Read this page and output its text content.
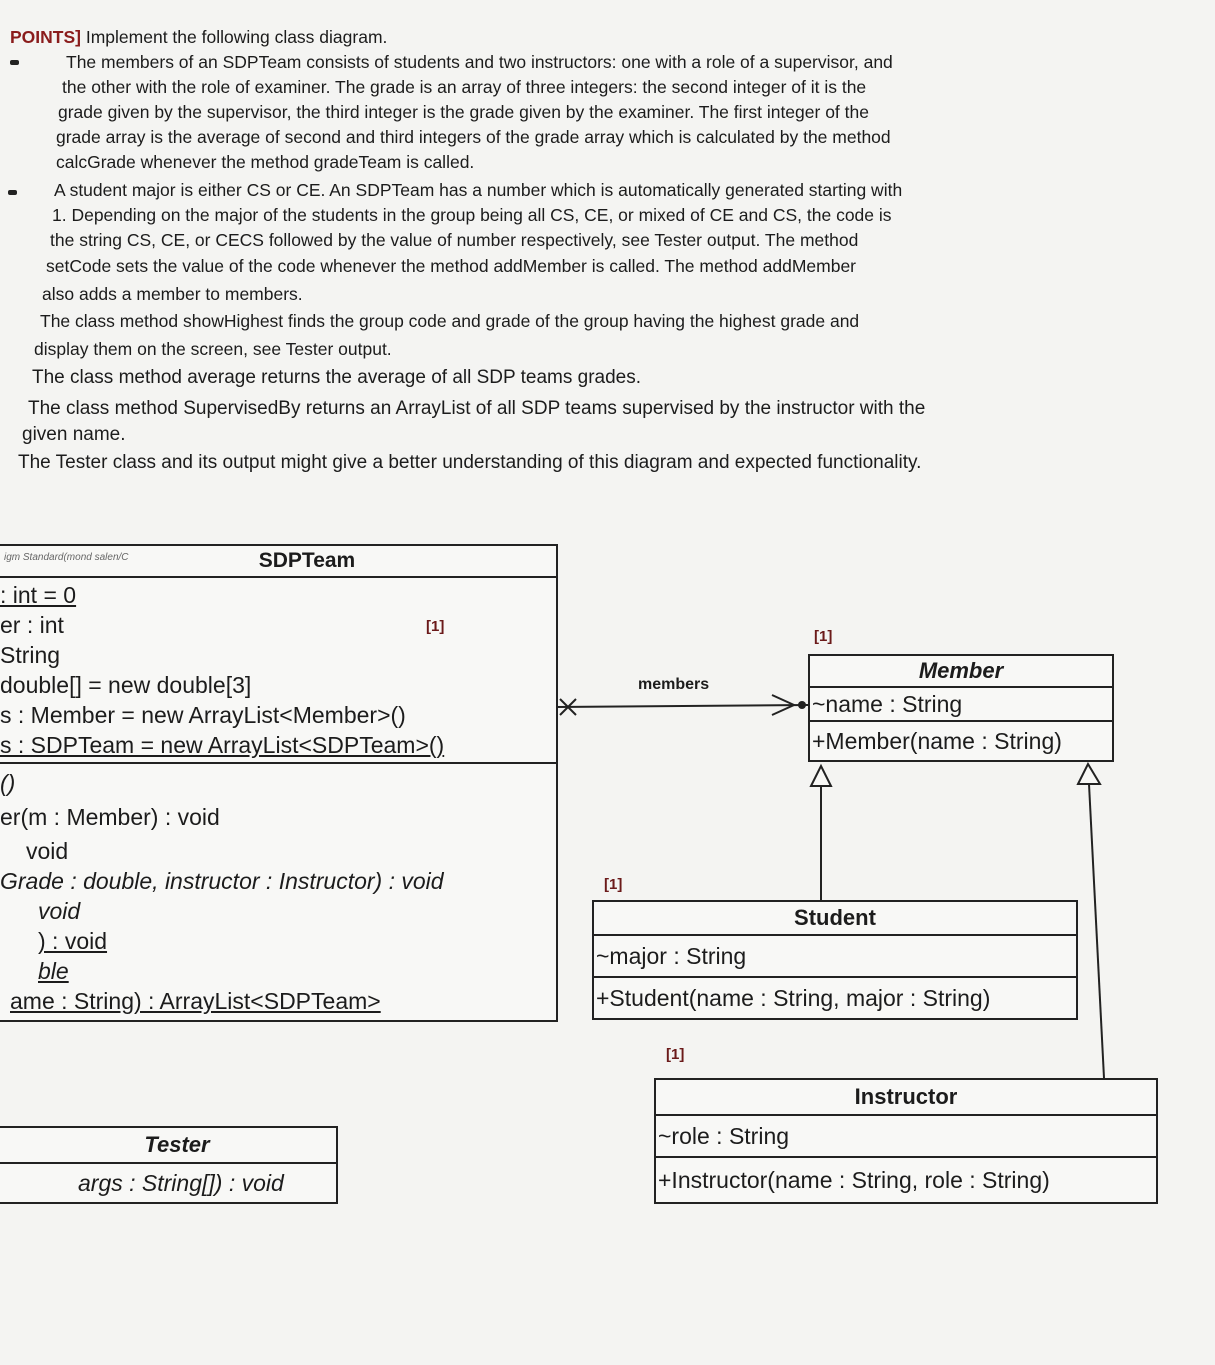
POINTS] Implement the following class diagram.
The members of an SDPTeam consists of students and two instructors: one with a role of a supervisor, and
the other with the role of examiner. The grade is an array of three integers: the second integer of it is the
grade given by the supervisor, the third integer is the grade given by the examiner. The first integer of the
grade array is the average of second and third integers of the grade array which is calculated by the method
calcGrade whenever the method gradeTeam is called.
A student major is either CS or CE. An SDPTeam has a number which is automatically generated starting with
1. Depending on the major of the students in the group being all CS, CE, or mixed of CE and CS, the code is
the string CS, CE, or CECS followed by the value of number respectively, see Tester output. The method
setCode sets the value of the code whenever the method addMember is called. The method addMember
also adds a member to members.
The class method showHighest finds the group code and grade of the group having the highest grade and
display them on the screen, see Tester output.
The class method average returns the average of all SDP teams grades.
The class method SupervisedBy returns an ArrayList of all SDP teams supervised by the instructor with the
given name.
The Tester class and its output might give a better understanding of this diagram and expected functionality.
members
igm Standard(mond salen/C	SDPTeam
: int = 0
er : int
String
double[] = new double[3]
s : Member = new ArrayList<Member>()
s : SDPTeam = new ArrayList<SDPTeam>()
()
er(m : Member) : void
void
Grade : double, instructor : Instructor) : void
void
) : void
ble
ame : String) : ArrayList<SDPTeam>
[1]
[1]
Member
~name : String
+Member(name : String)
[1]
Student
~major : String
+Student(name : String, major : String)
[1]
Instructor
~role : String
+Instructor(name : String, role : String)
Tester
args : String[]) : void
